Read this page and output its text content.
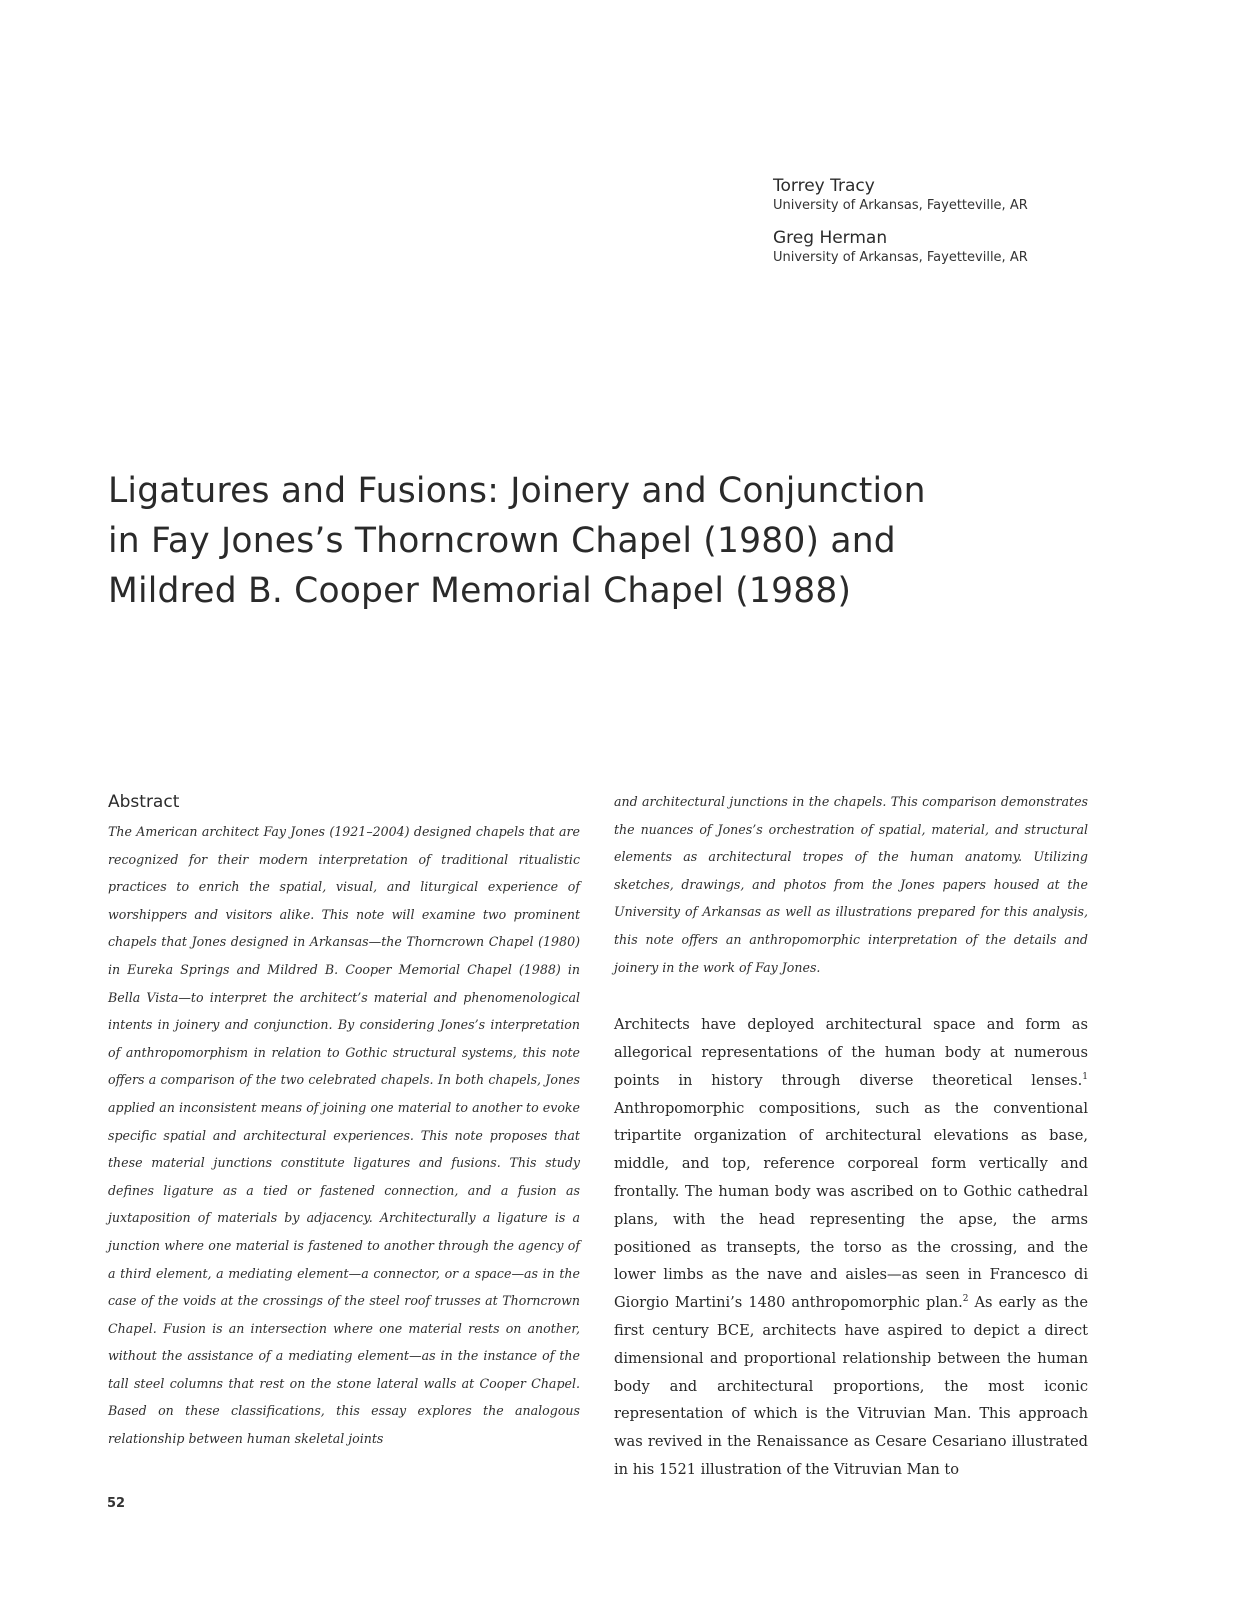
Torrey Tracy

University of Arkansas, Fayetteville, AR

Greg Herman

University of Arkansas, Fayetteville, AR

Ligatures and Fusions: Joinery and Conjunction
in Fay Jones’s Thorncrown Chapel (1980) and
Mildred B. Cooper Memorial Chapel (1988)
Abstract

The American architect Fay Jones (1921–2004) designed chapels that are recognized for their modern interpretation of traditional ritualistic practices to enrich the spatial, visual, and liturgical experience of worshippers and visitors alike. This note will examine two prominent chapels that Jones designed in Arkansas—the Thorncrown Chapel (1980) in Eureka Springs and Mildred B. Cooper Memorial Chapel (1988) in Bella Vista—to interpret the architect’s material and phenomenological intents in joinery and conjunction. By considering Jones’s interpretation of anthropomorphism in relation to Gothic structural systems, this note offers a comparison of the two celebrated chapels. In both chapels, Jones applied an inconsistent means of joining one material to another to evoke specific spatial and architectural experiences. This note proposes that these material junctions constitute ligatures and fusions. This study defines ligature as a tied or fastened connection, and a fusion as juxtaposition of materials by adjacency. Architecturally a ligature is a junction where one material is fastened to another through the agency of a third element, a mediating element—a connector, or a space—as in the case of the voids at the crossings of the steel roof trusses at Thorncrown Chapel. Fusion is an intersection where one material rests on another, without the assistance of a mediating element—as in the instance of the tall steel columns that rest on the stone lateral walls at Cooper Chapel. Based on these classifications, this essay explores the analogous relationship between human skeletal joints

and architectural junctions in the chapels. This comparison demonstrates the nuances of Jones’s orchestration of spatial, material, and structural elements as architectural tropes of the human anatomy. Utilizing sketches, drawings, and photos from the Jones papers housed at the University of Arkansas as well as illustrations prepared for this analysis, this note offers an anthropomorphic interpretation of the details and joinery in the work of Fay Jones.

Architects have deployed architectural space and form as allegorical representations of the human body at numerous points in history through diverse theoretical lenses.$^1$ Anthropomorphic compositions, such as the conventional tripartite organization of architectural elevations as base, middle, and top, reference corporeal form vertically and frontally. The human body was ascribed on to Gothic cathedral plans, with the head representing the apse, the arms positioned as transepts, the torso as the crossing, and the lower limbs as the nave and aisles—as seen in Francesco di Giorgio Martini’s 1480 anthropomorphic plan.$^2$ As early as the first century BCE, architects have aspired to depict a direct dimensional and proportional relationship between the human body and architectural proportions, the most iconic representation of which is the Vitruvian Man. This approach was revived in the Renaissance as Cesare Cesariano illustrated in his 1521 illustration of the Vitruvian Man to

52
